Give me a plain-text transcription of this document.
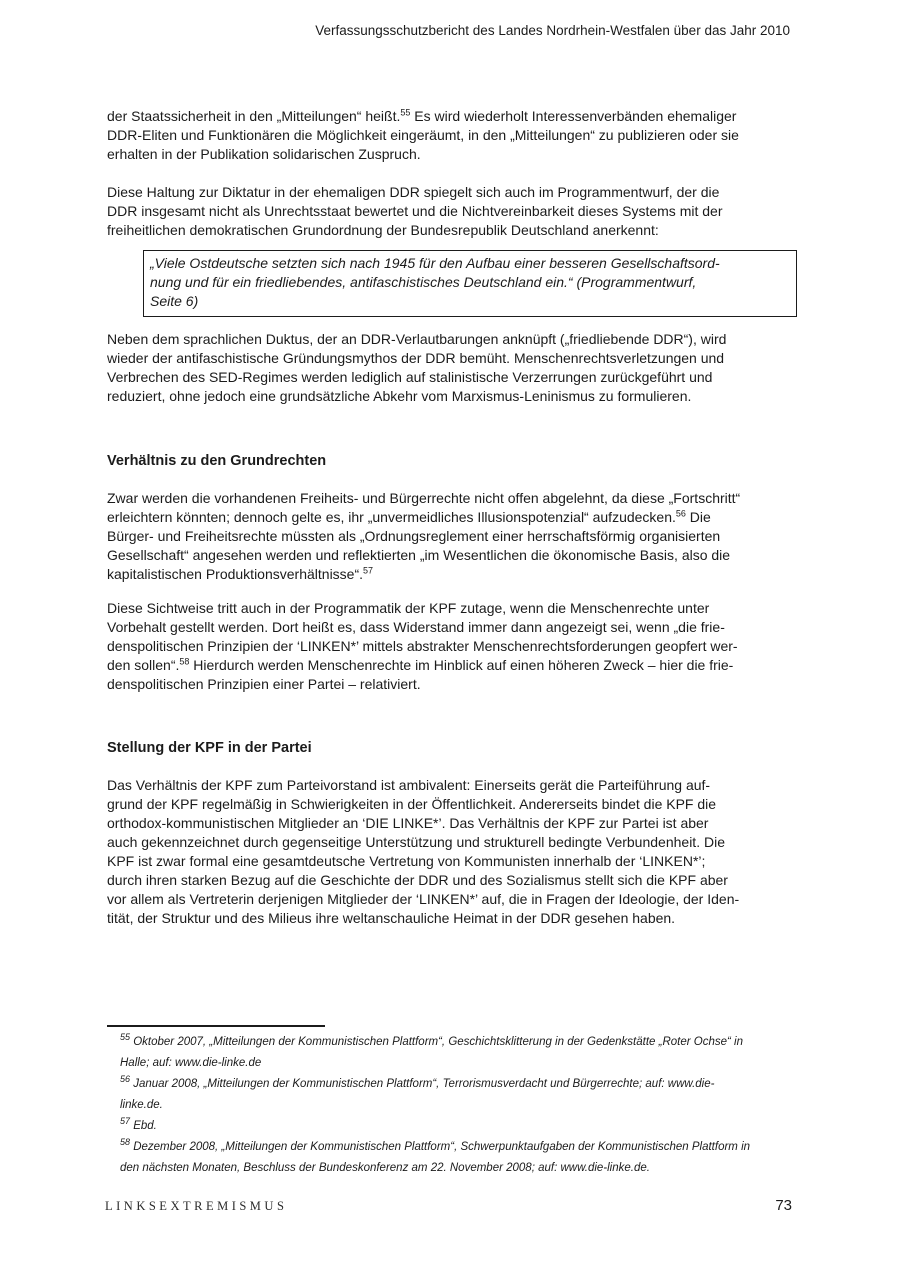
Verfassungsschutzbericht des Landes Nordrhein-Westfalen über das Jahr 2010
der Staatssicherheit in den „Mitteilungen“ heißt.$^{55}$ Es wird wiederholt Interessenverbänden ehemaliger
DDR-Eliten und Funktionären die Möglichkeit eingeräumt, in den „Mitteilungen“ zu publizieren oder sie
erhalten in der Publikation solidarischen Zuspruch.
Diese Haltung zur Diktatur in der ehemaligen DDR spiegelt sich auch im Programmentwurf, der die
DDR insgesamt nicht als Unrechtsstaat bewertet und die Nichtvereinbarkeit dieses Systems mit der
freiheitlichen demokratischen Grundordnung der Bundesrepublik Deutschland anerkennt:
„Viele Ostdeutsche setzten sich nach 1945 für den Aufbau einer besseren Gesellschaftsord-
nung und für ein friedliebendes, antifaschistisches Deutschland ein.“ (Programmentwurf,
Seite 6)
Neben dem sprachlichen Duktus, der an DDR-Verlautbarungen anknüpft („friedliebende DDR“), wird
wieder der antifaschistische Gründungsmythos der DDR bemüht. Menschenrechtsverletzungen und
Verbrechen des SED-Regimes werden lediglich auf stalinistische Verzerrungen zurückgeführt und
reduziert, ohne jedoch eine grundsätzliche Abkehr vom Marxismus-Leninismus zu formulieren.
Verhältnis zu den Grundrechten
Zwar werden die vorhandenen Freiheits- und Bürgerrechte nicht offen abgelehnt, da diese „Fortschritt“
erleichtern könnten; dennoch gelte es, ihr „unvermeidliches Illusionspotenzial“ aufzudecken.$^{56}$ Die
Bürger- und Freiheitsrechte müssten als „Ordnungsreglement einer herrschaftsförmig organisierten
Gesellschaft“ angesehen werden und reflektierten „im Wesentlichen die ökonomische Basis, also die
kapitalistischen Produktionsverhältnisse“.$^{57}$
Diese Sichtweise tritt auch in der Programmatik der KPF zutage, wenn die Menschenrechte unter
Vorbehalt gestellt werden. Dort heißt es, dass Widerstand immer dann angezeigt sei, wenn „die frie-
denspolitischen Prinzipien der ‘LINKEN*’ mittels abstrakter Menschenrechtsforderungen geopfert wer-
den sollen“.$^{58}$ Hierdurch werden Menschenrechte im Hinblick auf einen höheren Zweck – hier die frie-
denspolitischen Prinzipien einer Partei – relativiert.
Stellung der KPF in der Partei
Das Verhältnis der KPF zum Parteivorstand ist ambivalent: Einerseits gerät die Parteiführung auf-
grund der KPF regelmäßig in Schwierigkeiten in der Öffentlichkeit. Andererseits bindet die KPF die
orthodox-kommunistischen Mitglieder an ‘DIE LINKE*’. Das Verhältnis der KPF zur Partei ist aber
auch gekennzeichnet durch gegenseitige Unterstützung und strukturell bedingte Verbundenheit. Die
KPF ist zwar formal eine gesamtdeutsche Vertretung von Kommunisten innerhalb der ‘LINKEN*’;
durch ihren starken Bezug auf die Geschichte der DDR und des Sozialismus stellt sich die KPF aber
vor allem als Vertreterin derjenigen Mitglieder der ‘LINKEN*’ auf, die in Fragen der Ideologie, der Iden-
tität, der Struktur und des Milieus ihre weltanschauliche Heimat in der DDR gesehen haben.
$^{55}$ Oktober 2007, „Mitteilungen der Kommunistischen Plattform“, Geschichtsklitterung in der Gedenkstätte „Roter Ochse“ in
Halle; auf: www.die-linke.de
$^{56}$ Januar 2008, „Mitteilungen der Kommunistischen Plattform“, Terrorismusverdacht und Bürgerrechte; auf: www.die-
linke.de.
$^{57}$ Ebd.
$^{58}$ Dezember 2008, „Mitteilungen der Kommunistischen Plattform“, Schwerpunktaufgaben der Kommunistischen Plattform in
den nächsten Monaten, Beschluss der Bundeskonferenz am 22. November 2008; auf: www.die-linke.de.
LINKSEXTREMISMUS	73
